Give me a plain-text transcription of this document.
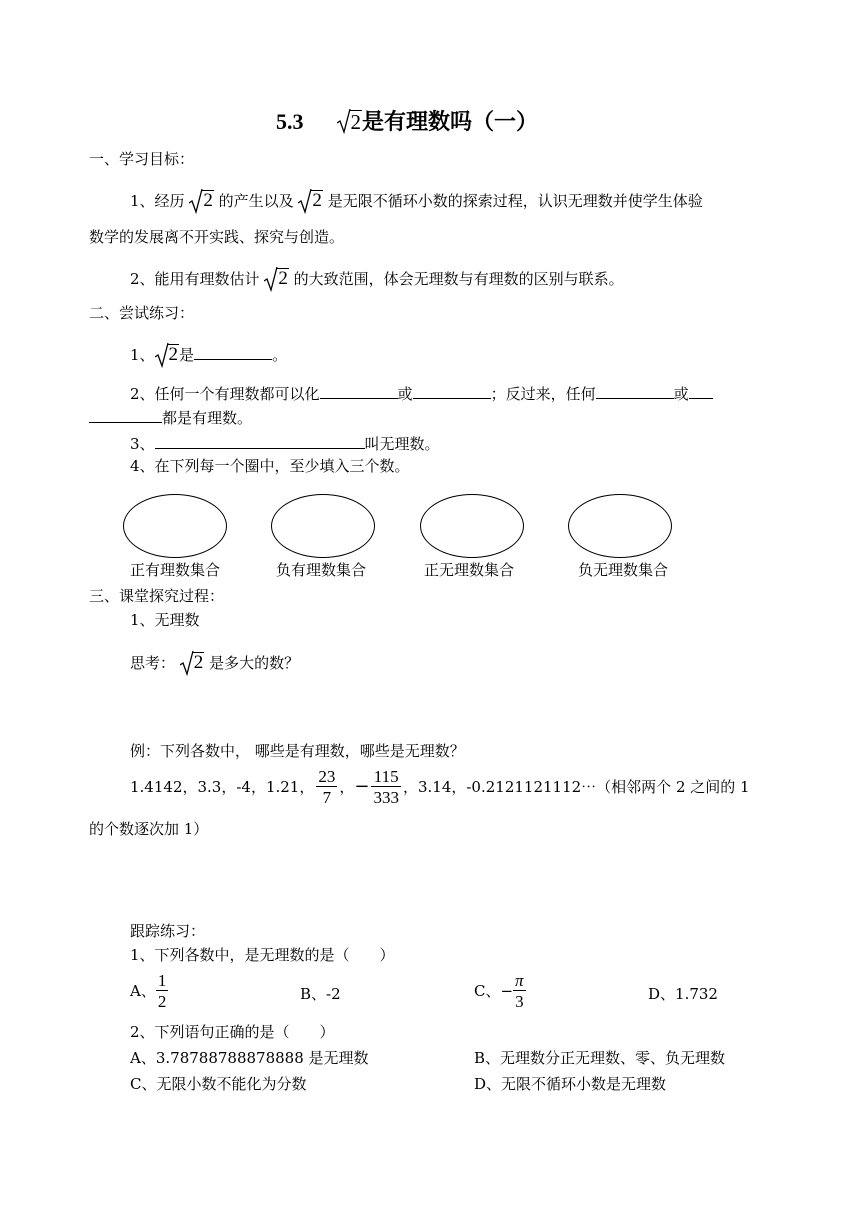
5.3 2是有理数吗（一）
一、学习目标：
1、经历 2 的产生以及 2 是无限不循环小数的探索过程，认识无理数并使学生体验
数学的发展离不开实践、探究与创造。
2、能用有理数估计 2 的大致范围，体会无理数与有理数的区别与联系。
二、尝试练习：
1、 2是	。
2、任何一个有理数都可以化	或	；反过来，任何	或
都是有理数。
3、	叫无理数。
4、在下列每一个圈中，至少填入三个数。
正有理数集合	负有理数集合	正无理数集合	负无理数集合
三、课堂探究过程：
1、无理数
思考： 2 是多大的数？
例：下列各数中， 哪些是有理数，哪些是无理数？
1.4142，3.3，-4，1.21， $\frac{23}{7}$ ， − $\frac{115}{333}$ ，3.14，-0.2121121112⋯（相邻两个 2 之间的 1
的个数逐次加 1）
跟踪练习：
1、下列各数中，是无理数的是（　　）
A、 $\frac{1}{2}$	B、-2	C、− $\frac{\pi}{3}$	D、1.732
2、下列语句正确的是（　　）
A、3.78788788878888 是无理数	B、无理数分正无理数、零、负无理数
C、无限小数不能化为分数	D、无限不循环小数是无理数
